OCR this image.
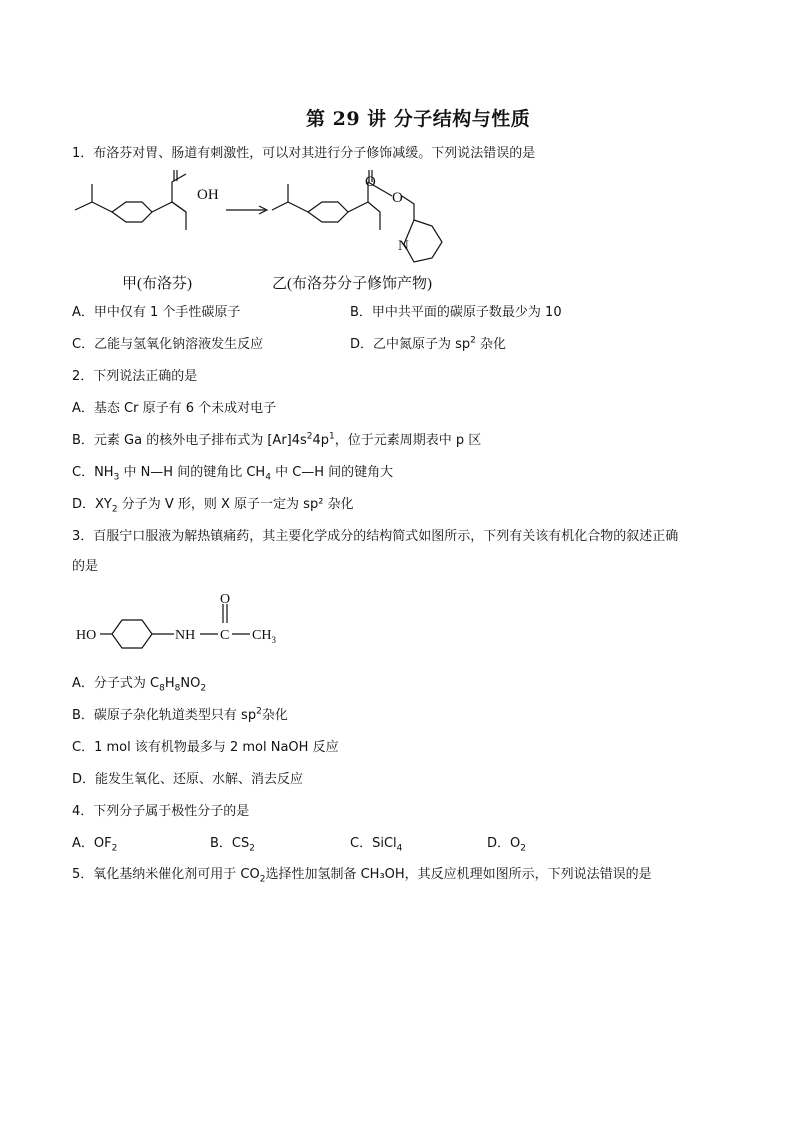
第 29 讲 分子结构与性质
1．布洛芬对胃、肠道有刺激性，可以对其进行分子修饰减缓。下列说法错误的是
OH
O
O
N
甲(布洛芬)	乙(布洛芬分子修饰产物)
A．甲中仅有 1 个手性碳原子	B．甲中共平面的碳原子数最少为 10
C．乙能与氢氧化钠溶液发生反应	D．乙中氮原子为 $sp^2$ 杂化
2．下列说法正确的是
A．基态 Cr 原子有 6 个未成对电子
B．元素 Ga 的核外电子排布式为 $[Ar]4s^24p^1$，位于元素周期表中 p 区
C．$NH_3$ 中 N—H 间的键角比 $CH_4$ 中 C—H 间的键角大
D．$XY_2$ 分子为 V 形，则 X 原子一定为 sp² 杂化
3．百服宁口服液为解热镇痛药，其主要化学成分的结构简式如图所示，下列有关该有机化合物的叙述正确
的是
HO	NH C
O
$CH_3$
A．分子式为 $C_8H_8NO_2$
B．碳原子杂化轨道类型只有 $sp^2$杂化
C．1 mol 该有机物最多与 2 mol NaOH 反应
D．能发生氧化、还原、水解、消去反应
4．下列分子属于极性分子的是
A．$OF_2$	B．$CS_2$	C．SiCl$_4$	D．$O_2$
5．氧化基纳米催化剂可用于 $CO_2$选择性加氢制备 CH₃OH，其反应机理如图所示，下列说法错误的是
